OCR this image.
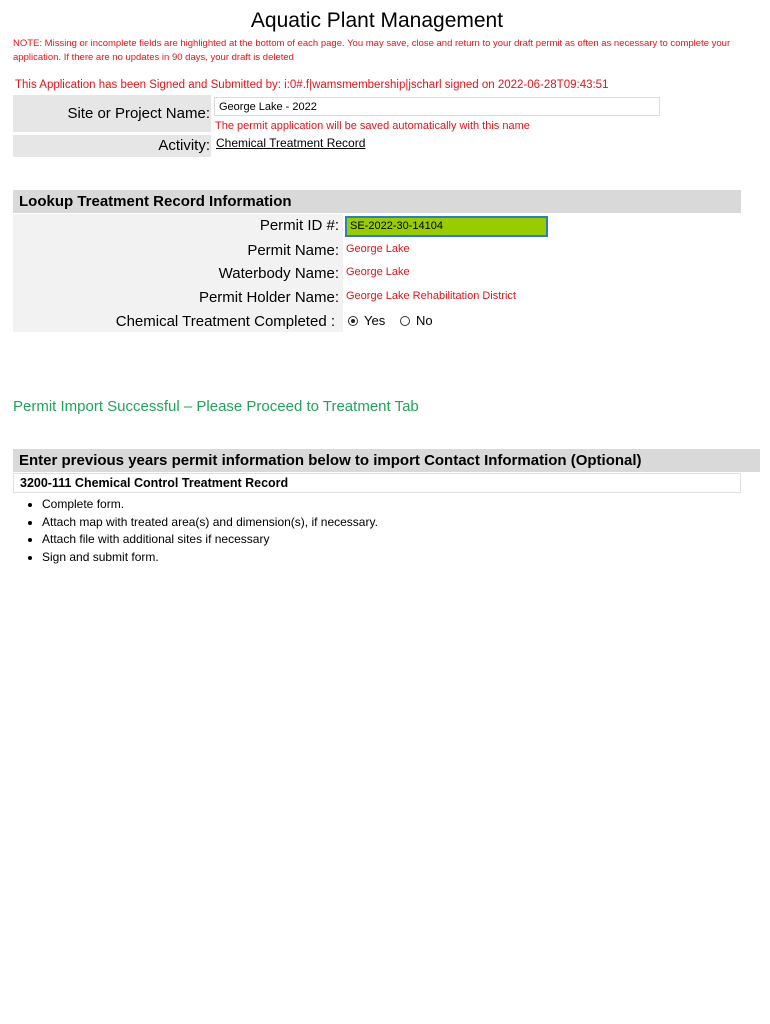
Aquatic Plant Management
NOTE: Missing or incomplete fields are highlighted at the bottom of each page. You may save, close and return to your draft permit as often as necessary to complete your application. If there are no updates in 90 days, your draft is deleted
This Application has been Signed and Submitted by: i:0#.f|wamsmembership|jscharl signed on 2022-06-28T09:43:51
Site or Project Name: George Lake - 2022
The permit application will be saved automatically with this name
Activity: Chemical Treatment Record
Lookup Treatment Record Information
Permit ID #:	SE-2022-30-14104
Permit Name: George Lake
Waterbody Name: George Lake
Permit Holder Name: George Lake Rehabilitation District
Chemical Treatment Completed : Yes No
Permit Import Successful – Please Proceed to Treatment Tab
Enter previous years permit information below to import Contact Information (Optional)
3200-111 Chemical Control Treatment Record
• Complete form.
• Attach map with treated area(s) and dimension(s), if necessary.
• Attach file with additional sites if necessary
• Sign and submit form.
